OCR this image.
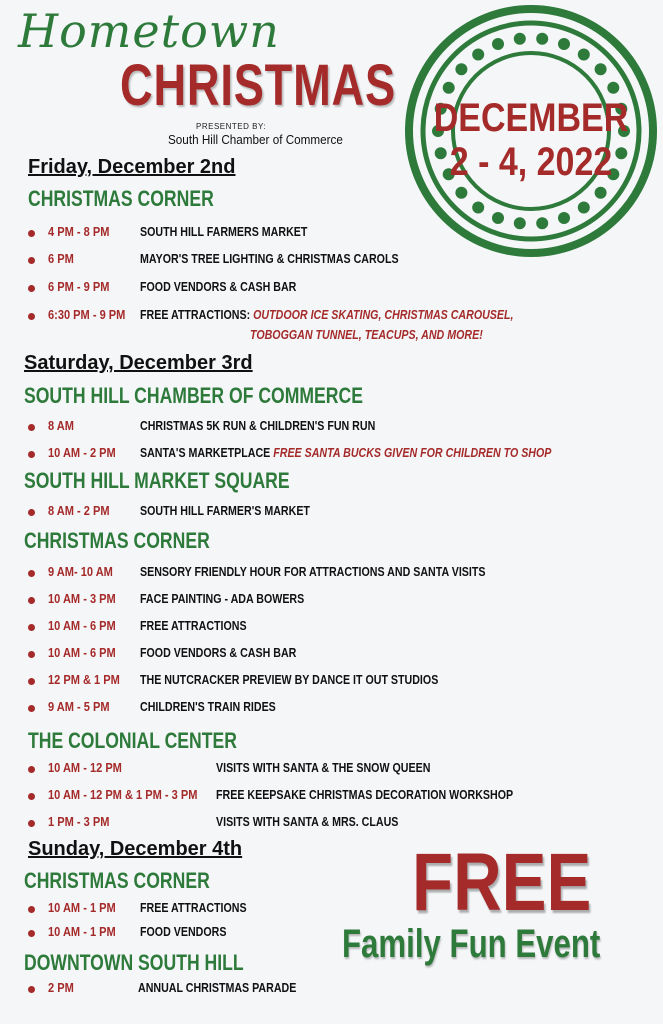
Hometown
CHRISTMAS
PRESENTED BY:
South Hill Chamber of Commerce DECEMBER
2 - 4, 2022
Friday, December 2nd
CHRISTMAS CORNER
4 PM - 8 PM SOUTH HILL FARMERS MARKET
6 PM	MAYOR'S TREE LIGHTING & CHRISTMAS CAROLS
6 PM - 9 PM FOOD VENDORS & CASH BAR
6:30 PM - 9 PM FREE ATTRACTIONS: OUTDOOR ICE SKATING, CHRISTMAS CAROUSEL,
TOBOGGAN TUNNEL, TEACUPS, AND MORE!
Saturday, December 3rd
SOUTH HILL CHAMBER OF COMMERCE
8 AM	CHRISTMAS 5K RUN & CHILDREN'S FUN RUN
10 AM - 2 PM SANTA'S MARKETPLACE FREE SANTA BUCKS GIVEN FOR CHILDREN TO SHOP
SOUTH HILL MARKET SQUARE
8 AM - 2 PM SOUTH HILL FARMER'S MARKET
CHRISTMAS CORNER
9 AM- 10 AM SENSORY FRIENDLY HOUR FOR ATTRACTIONS AND SANTA VISITS
10 AM - 3 PM FACE PAINTING - ADA BOWERS
10 AM - 6 PM FREE ATTRACTIONS
10 AM - 6 PM FOOD VENDORS & CASH BAR
12 PM & 1 PM THE NUTCRACKER PREVIEW BY DANCE IT OUT STUDIOS
9 AM - 5 PM CHILDREN'S TRAIN RIDES
THE COLONIAL CENTER
10 AM - 12 PM	VISITS WITH SANTA & THE SNOW QUEEN
10 AM - 12 PM & 1 PM - 3 PM FREE KEEPSAKE CHRISTMAS DECORATION WORKSHOP
1 PM - 3 PM	VISITS WITH SANTA & MRS. CLAUS
Sunday, December 4th
CHRISTMAS CORNER
10 AM - 1 PM FREE ATTRACTIONS
10 AM - 1 PM FOOD VENDORS
DOWNTOWN SOUTH HILL
2 PM	ANNUAL CHRISTMAS PARADE
FREE
Family Fun Event
